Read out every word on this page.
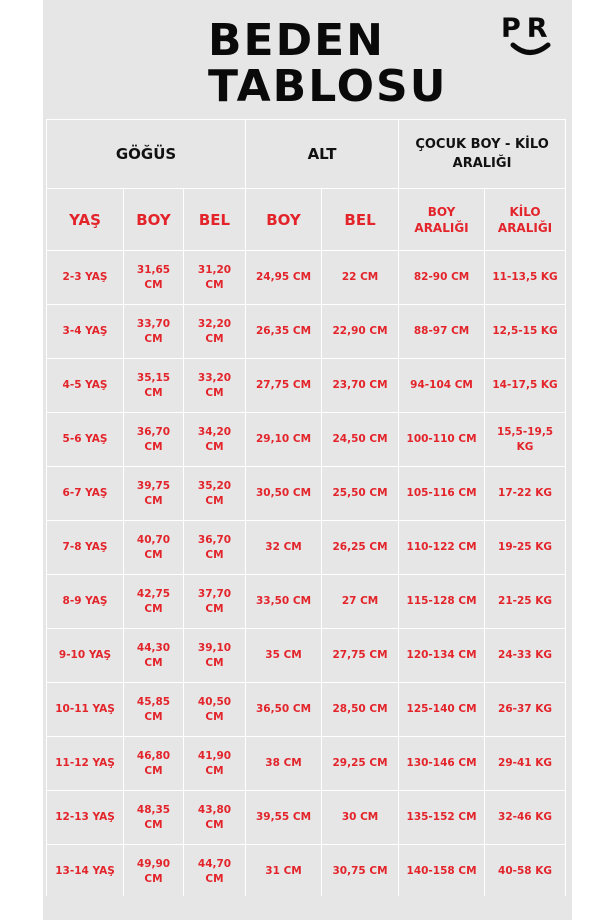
BEDEN
TABLOSU
PR
GÖĞÜS			ALT		ÇOCUK BOY - KİLO ARALIĞI	
YAŞ	BOY	BEL	BOY	BEL	BOY ARALIĞI	KİLO ARALIĞI
2-3 YAŞ	31,65 CM	31,20 CM	24,95 CM	22 CM	82-90 CM	11-13,5 KG
3-4 YAŞ	33,70 CM	32,20 CM	26,35 CM	22,90 CM	88-97 CM	12,5-15 KG
4-5 YAŞ	35,15 CM	33,20 CM	27,75 CM	23,70 CM	94-104 CM	14-17,5 KG
5-6 YAŞ	36,70 CM	34,20 CM	29,10 CM	24,50 CM	100-110 CM	15,5-19,5 KG
6-7 YAŞ	39,75 CM	35,20 CM	30,50 CM	25,50 CM	105-116 CM	17-22 KG
7-8 YAŞ	40,70 CM	36,70 CM	32 CM	26,25 CM	110-122 CM	19-25 KG
8-9 YAŞ	42,75 CM	37,70 CM	33,50 CM	27 CM	115-128 CM	21-25 KG
9-10 YAŞ	44,30 CM	39,10 CM	35 CM	27,75 CM	120-134 CM	24-33 KG
10-11 YAŞ	45,85 CM	40,50 CM	36,50 CM	28,50 CM	125-140 CM	26-37 KG
11-12 YAŞ	46,80 CM	41,90 CM	38 CM	29,25 CM	130-146 CM	29-41 KG
12-13 YAŞ	48,35 CM	43,80 CM	39,55 CM	30 CM	135-152 CM	32-46 KG
13-14 YAŞ	49,90 CM	44,70 CM	31 CM	30,75 CM	140-158 CM	40-58 KG
